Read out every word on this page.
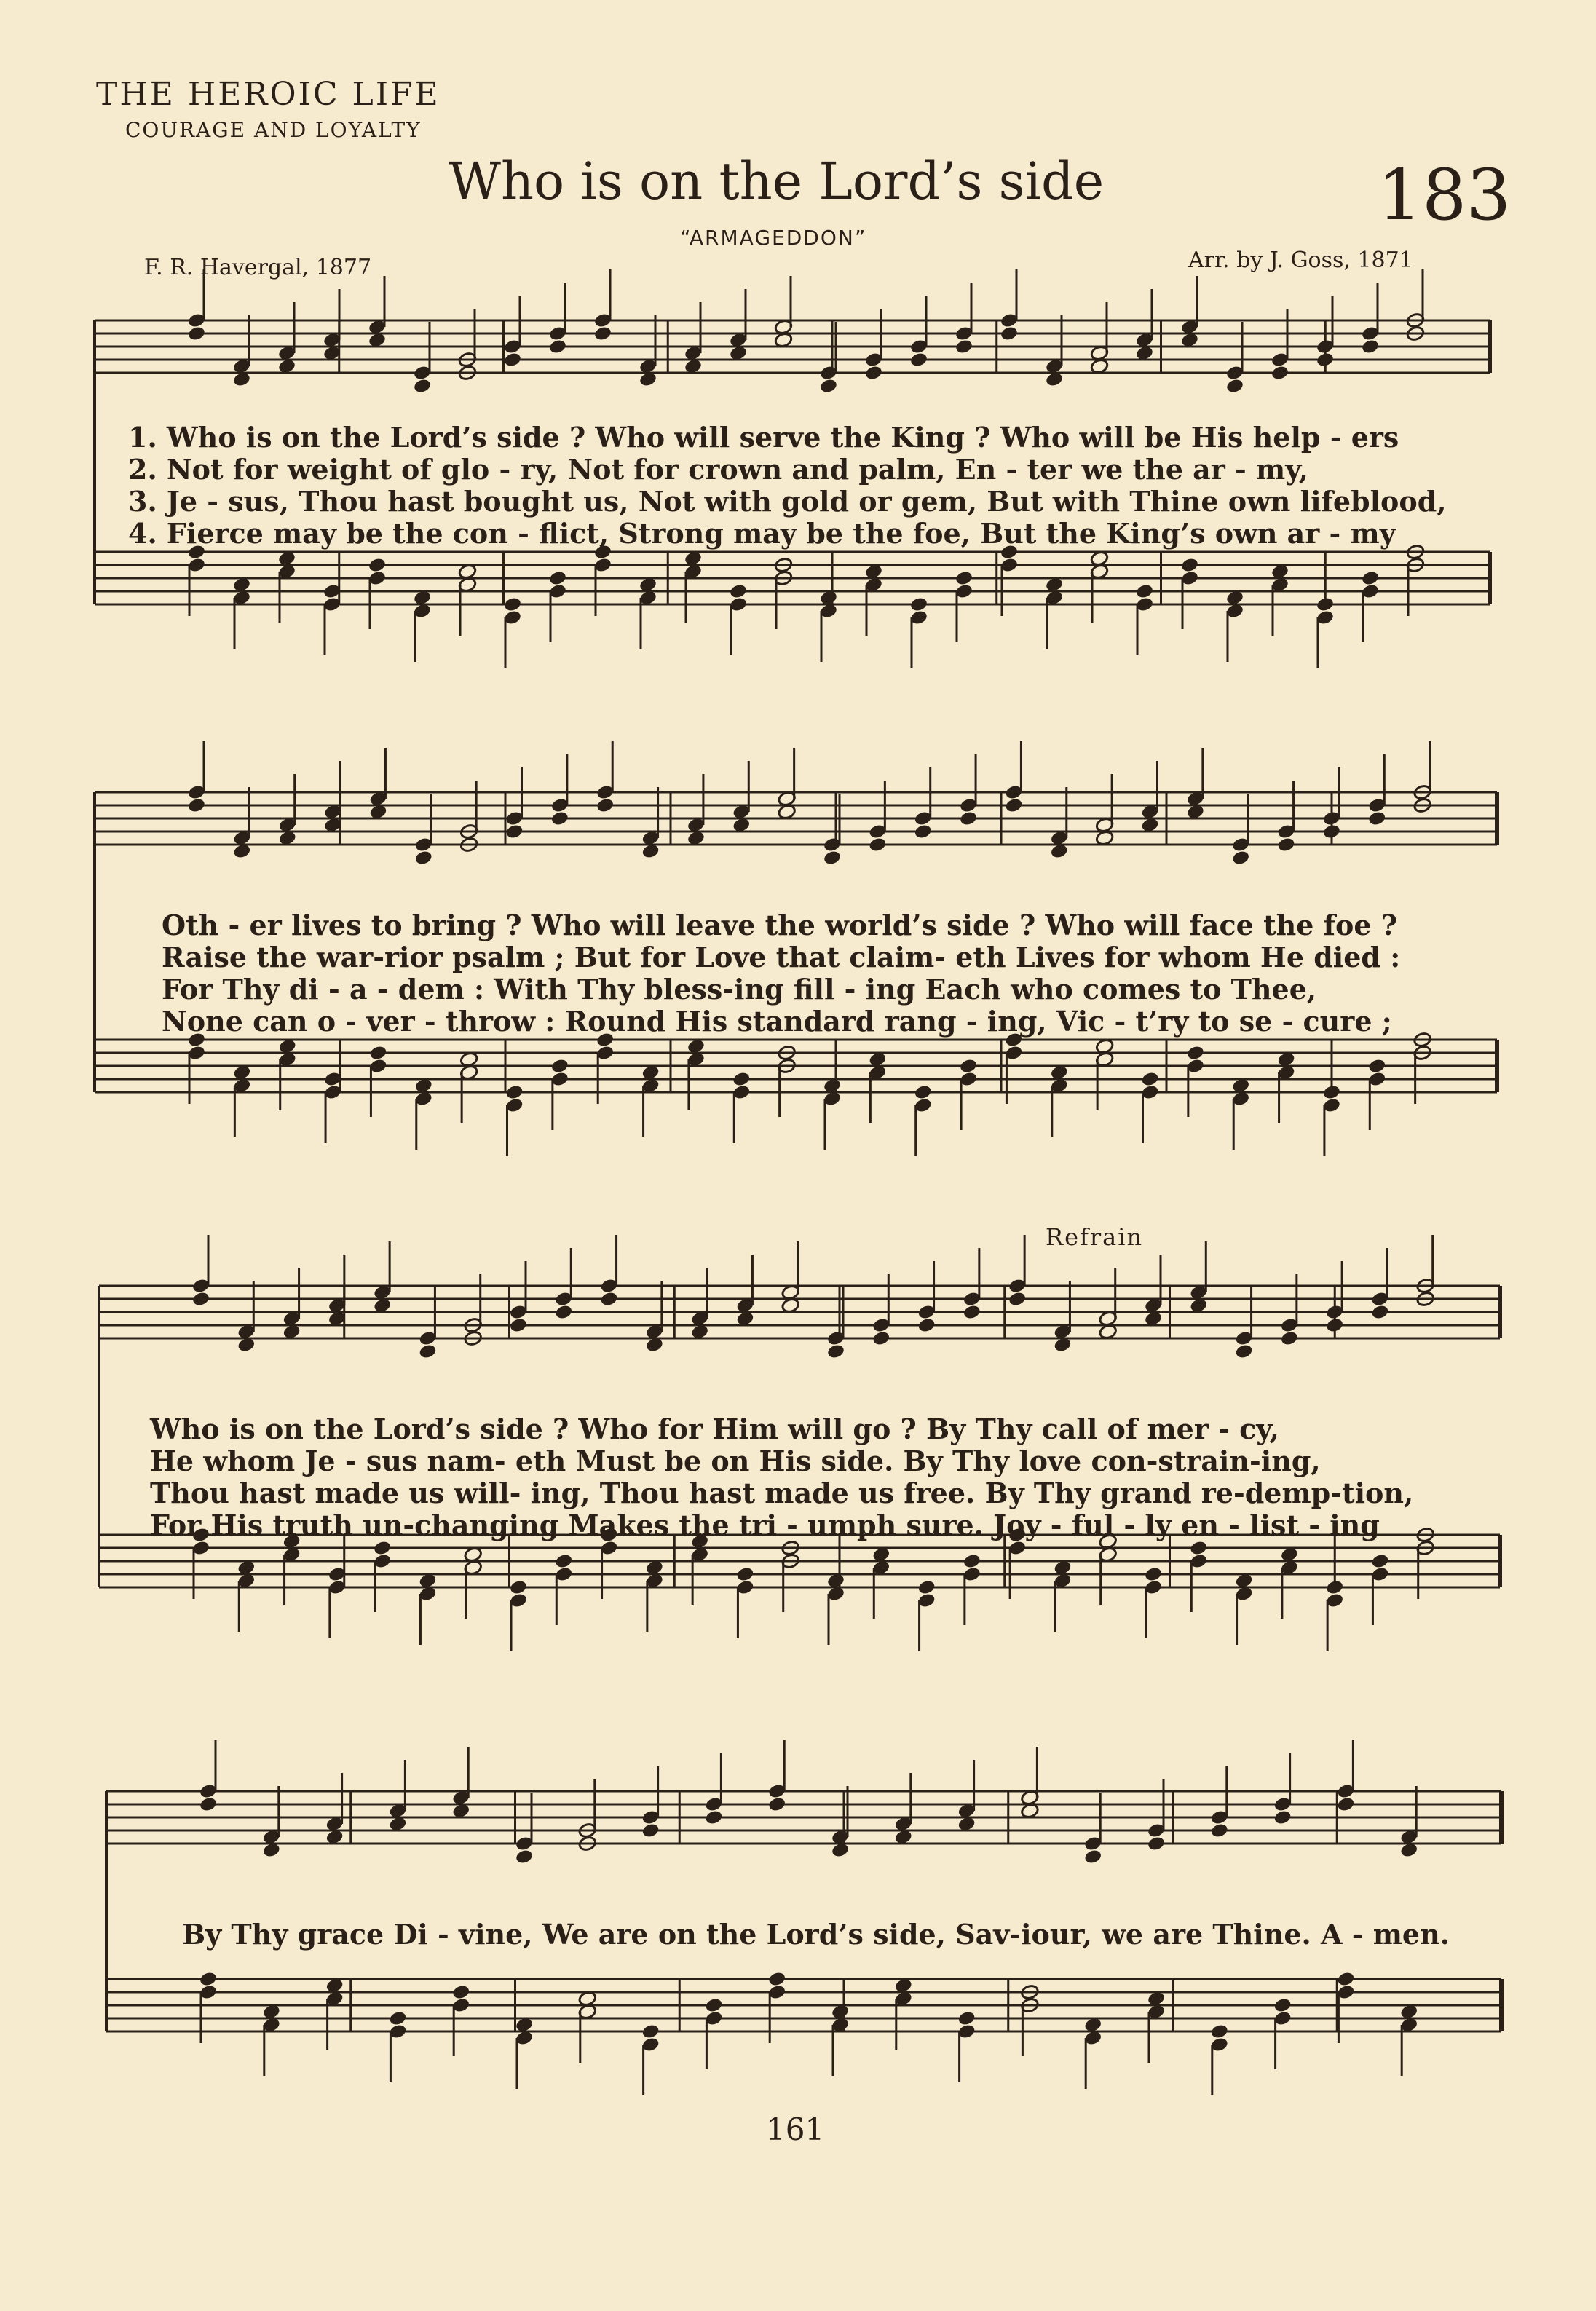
THE HEROIC LIFE
COURAGE AND LOYALTY
Who is on the Lord’s side	183
“ARMAGEDDON”
F. R. Havergal, 1877	Arr. by J. Goss, 1871
1. Who is on the Lord’s side ? Who will serve the King ? Who will be His help - ers
2. Not for weight of glo - ry, Not for crown and palm, En - ter we the ar - my,
3. Je - sus, Thou hast bought us, Not with gold or gem, But with Thine own lifeblood,
4. Fierce may be the con - flict, Strong may be the foe, But the King’s own ar - my
Oth - er lives to bring ? Who will leave the world’s side ? Who will face the foe ?
Raise the war-rior psalm ; But for Love that claim- eth Lives for whom He died :
For Thy di - a - dem : With Thy bless-ing fill - ing Each who comes to Thee,
None can o - ver - throw : Round His standard rang - ing, Vic - t’ry to se - cure ;
Refrain
Who is on the Lord’s side ? Who for Him will go ? By Thy call of mer - cy,
He whom Je - sus nam- eth Must be on His side. By Thy love con-strain-ing,
Thou hast made us will- ing, Thou hast made us free. By Thy grand re-demp-tion,
For His truth un-changing Makes the tri - umph sure. Joy - ful - ly en - list - ing
By Thy grace Di - vine, We are on the Lord’s side, Sav-iour, we are Thine. A - men.
161
